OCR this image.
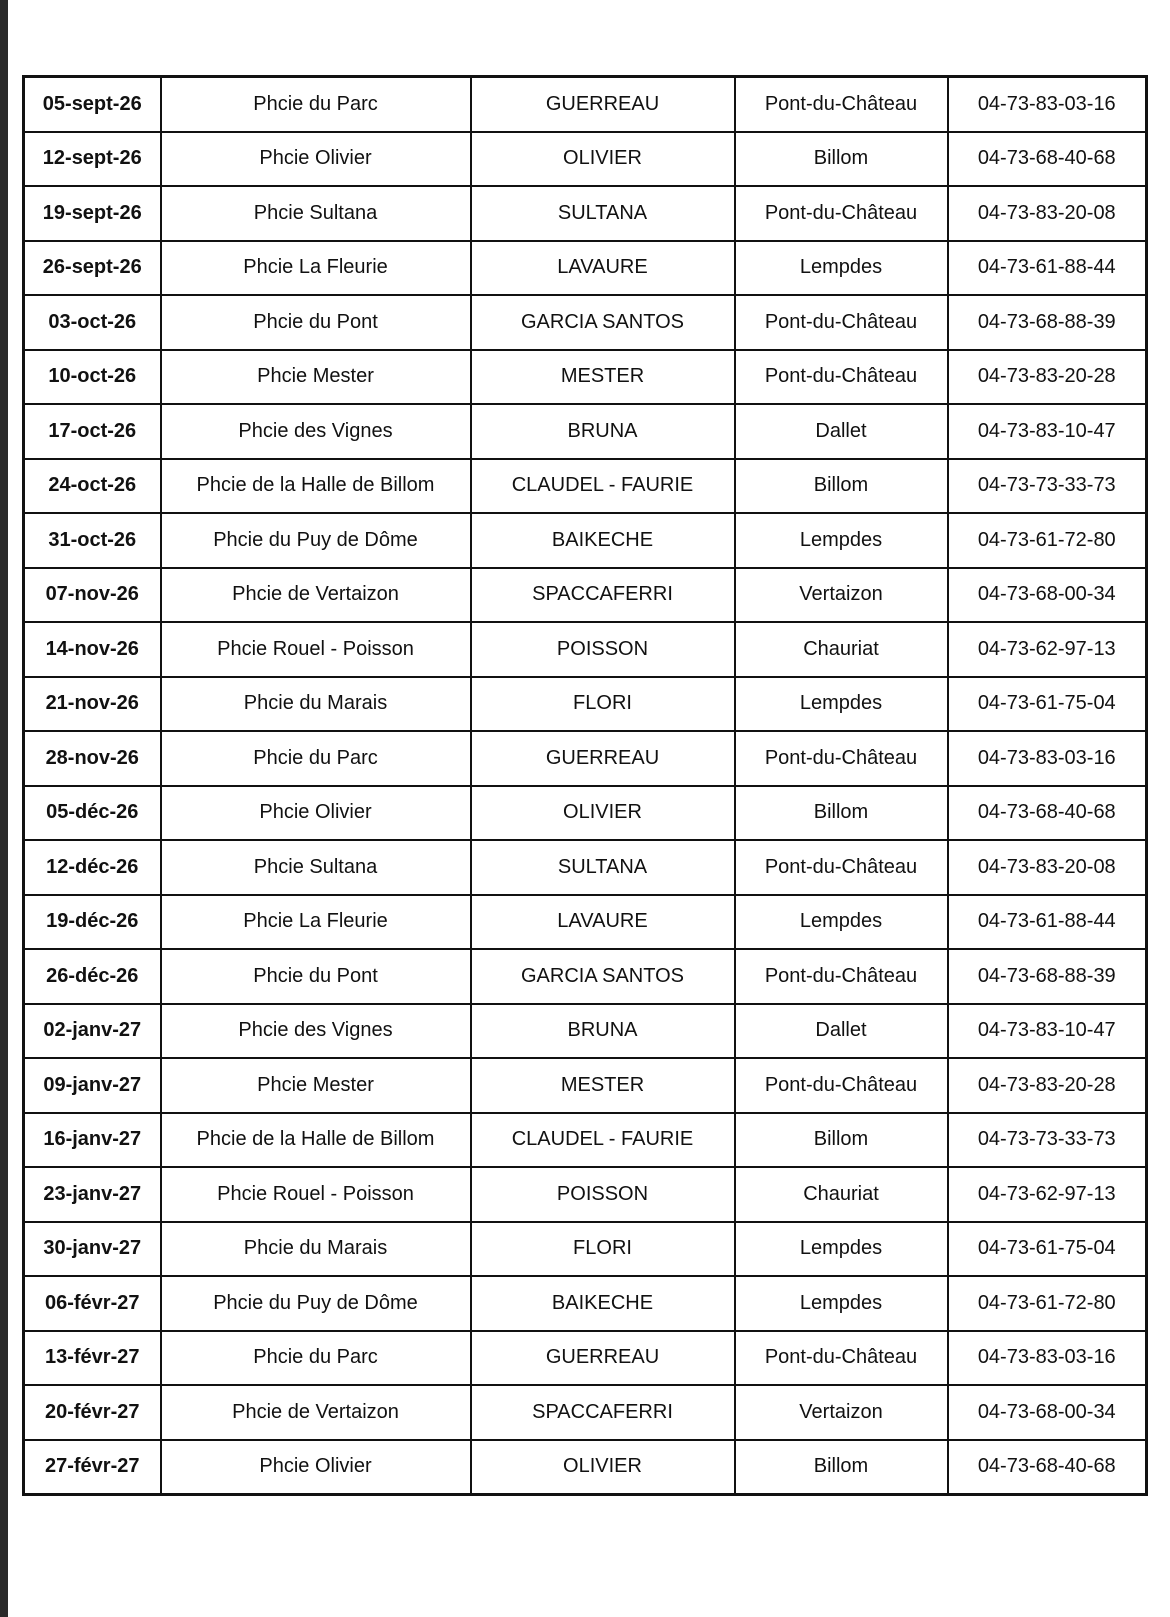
05-sept-26	Phcie du Parc	GUERREAU	Pont-du-Château	04-73-83-03-16
12-sept-26	Phcie Olivier	OLIVIER	Billom	04-73-68-40-68
19-sept-26	Phcie Sultana	SULTANA	Pont-du-Château	04-73-83-20-08
26-sept-26	Phcie La Fleurie	LAVAURE	Lempdes	04-73-61-88-44
03-oct-26	Phcie du Pont	GARCIA SANTOS	Pont-du-Château	04-73-68-88-39
10-oct-26	Phcie Mester	MESTER	Pont-du-Château	04-73-83-20-28
17-oct-26	Phcie des Vignes	BRUNA	Dallet	04-73-83-10-47
24-oct-26	Phcie de la Halle de Billom	CLAUDEL - FAURIE	Billom	04-73-73-33-73
31-oct-26	Phcie du Puy de Dôme	BAIKECHE	Lempdes	04-73-61-72-80
07-nov-26	Phcie de Vertaizon	SPACCAFERRI	Vertaizon	04-73-68-00-34
14-nov-26	Phcie Rouel - Poisson	POISSON	Chauriat	04-73-62-97-13
21-nov-26	Phcie du Marais	FLORI	Lempdes	04-73-61-75-04
28-nov-26	Phcie du Parc	GUERREAU	Pont-du-Château	04-73-83-03-16
05-déc-26	Phcie Olivier	OLIVIER	Billom	04-73-68-40-68
12-déc-26	Phcie Sultana	SULTANA	Pont-du-Château	04-73-83-20-08
19-déc-26	Phcie La Fleurie	LAVAURE	Lempdes	04-73-61-88-44
26-déc-26	Phcie du Pont	GARCIA SANTOS	Pont-du-Château	04-73-68-88-39
02-janv-27	Phcie des Vignes	BRUNA	Dallet	04-73-83-10-47
09-janv-27	Phcie Mester	MESTER	Pont-du-Château	04-73-83-20-28
16-janv-27	Phcie de la Halle de Billom	CLAUDEL - FAURIE	Billom	04-73-73-33-73
23-janv-27	Phcie Rouel - Poisson	POISSON	Chauriat	04-73-62-97-13
30-janv-27	Phcie du Marais	FLORI	Lempdes	04-73-61-75-04
06-févr-27	Phcie du Puy de Dôme	BAIKECHE	Lempdes	04-73-61-72-80
13-févr-27	Phcie du Parc	GUERREAU	Pont-du-Château	04-73-83-03-16
20-févr-27	Phcie de Vertaizon	SPACCAFERRI	Vertaizon	04-73-68-00-34
27-févr-27	Phcie Olivier	OLIVIER	Billom	04-73-68-40-68
